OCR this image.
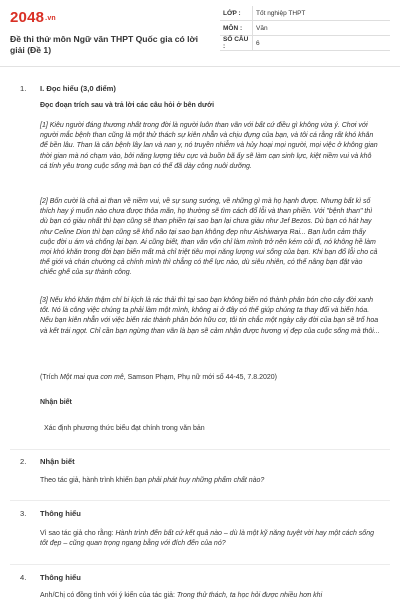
2048.vn
Đề thi thử môn Ngữ văn THPT Quốc gia có lời giải (Đề 1)
LỚP :	Tốt nghiệp THPT
MÔN :	Văn
SỐ CÂU :	6
1. I. Đọc hiểu (3,0 điểm)
Đọc đoạn trích sau và trả lời các câu hỏi ở bên dưới
[1] Kiêu người đáng thương nhất trong đời là người luôn than vãn với bất cứ điều gì không vừa ý. Chơi với người mắc bệnh than cũng là một thử thách sự kiên nhẫn và chịu đựng của bạn, và tôi cá rằng rất khó khăn để bền lâu. Than là căn bệnh lây lan và nan y, nó truyền nhiễm và hủy hoại mọi người, mọi việc ở không gian thời gian mà nó chạm vào, bởi năng lượng tiêu cực và buồn bã ấy sẽ làm cạn sinh lực, kiệt niềm vui và khô cá tính yêu trong cuộc sống mà bạn có thể đã dày công nuôi dưỡng.
[2] Bốn cười là chả ai than về niềm vui, về sự sung sướng, về những gì mà họ hạnh được. Nhưng bất kì số thích hay ý muốn nào chưa được thỏa mãn, họ thường sẽ tìm cách đổ lỗi và than phiền. Với "bệnh than" thì dù bạn có giàu nhất thì bạn cũng sẽ than phiền tại sao bạn lại chưa giàu như Jef Bezos. Dù bạn có hát hay như Celine Dion thì bạn cũng sẽ khổ não tại sao bạn không đẹp như Aishiwarya Rai... Bạn luôn cảm thấy cuộc đời u ám và chống lại bạn. Ai cũng biết, than vãn vốn chỉ làm mình trở nên kém cỏi đi, nó không hề làm mọi khó khăn trong đời bạn biến mất mà chỉ triệt tiêu mọi năng lượng vui sống của bạn. Khi bạn đổ lỗi cho cả thế giới và chán chường cả chính mình thì chẳng có thể lực nào, dù siêu nhiên, có thể nâng bạn đặt vào chiếc ghế của sự thành công.
[3] Nếu khó khăn thậm chí bi kịch là rác thải thì tại sao bạn không biến nó thành phân bón cho cây đời xanh tốt. Nó là công việc chúng ta phải làm một mình, không ai ở đây có thể giúp chúng ta thay đổi và biến hóa. Nếu bạn kiên nhẫn với việc biến rác thành phân bón hữu cơ, tôi tin chắc một ngày cây đời của bạn sẽ trổ hoa và kết trái ngọt. Chỉ cần bạn ngừng than vãn là bạn sẽ cảm nhận được hương vị đẹp của cuộc sống mà thôi...
(Trích Một mai qua cơn mê, Samson Phạm, Phụ nữ mới số 44-45, 7.8.2020)
Nhận biết
Xác định phương thức biểu đạt chính trong văn bản
2. Nhận biết
Theo tác giả, hành trình khiến bạn phải phát huy những phẩm chất nào?
3. Thông hiểu
Vì sao tác giả cho rằng: Hành trình đến bất cứ kết quả nào – dù là một kỹ năng tuyệt vời hay một cách sống tốt đẹp – cũng quan trọng ngang bằng với đích đến của nó?
4. Thông hiểu
Anh/Chị có đồng tình với ý kiến của tác giả: Trong thử thách, ta học hỏi được nhiều hơn khi
